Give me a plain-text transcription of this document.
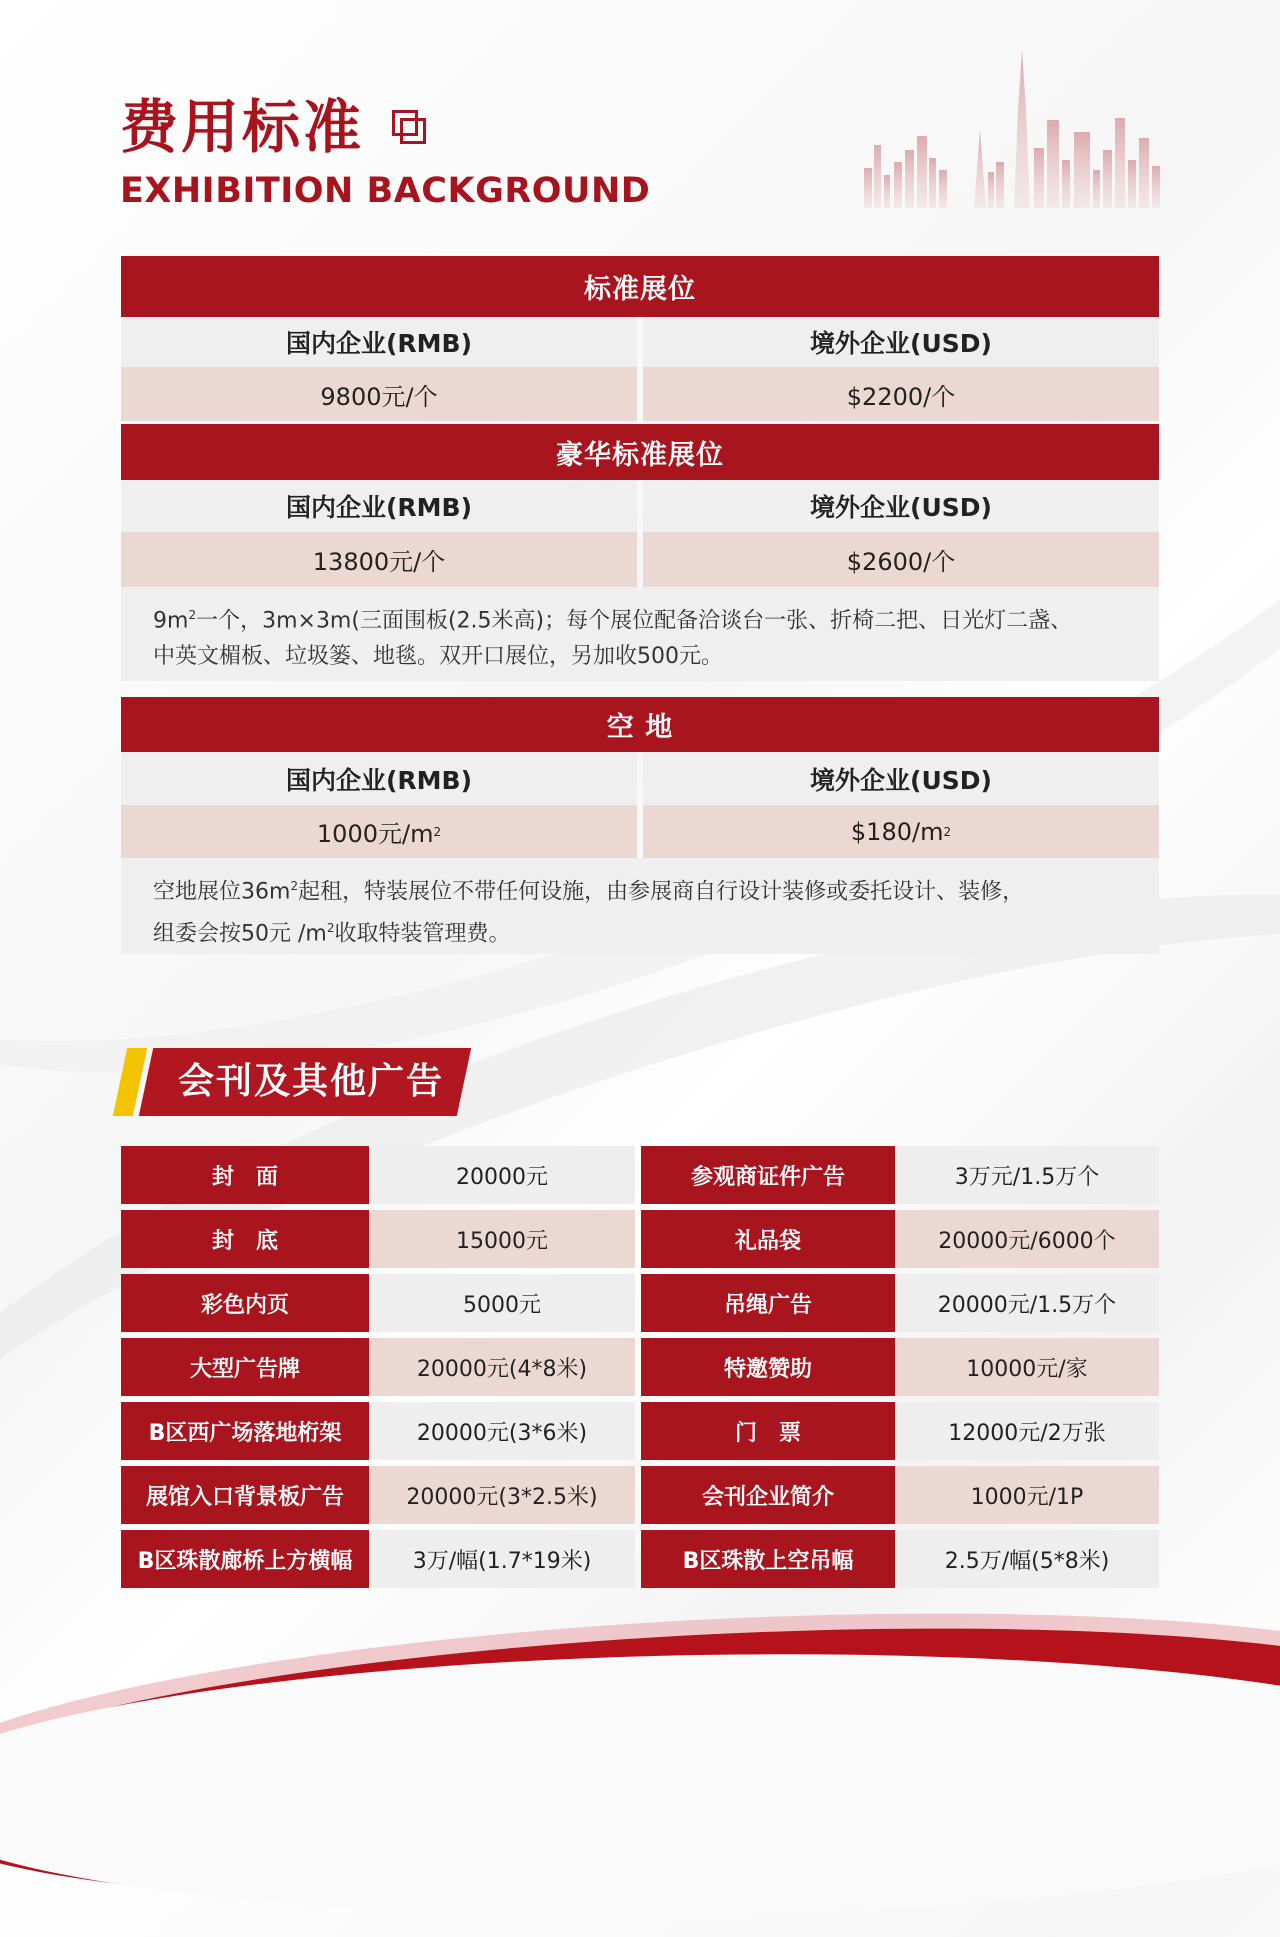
费用标准
EXHIBITION BACKGROUND
标准展位
国内企业(RMB)	境外企业(USD)
9800元/个	$2200/个
豪华标准展位
国内企业(RMB)	境外企业(USD)
13800元/个	$2600/个
$9m^2$一个，3m×3m(三面围板(2.5米高)；每个展位配备洽谈台一张、折椅二把、日光灯二盏、
中英文楣板、垃圾篓、地毯。双开口展位，另加收500元。
空 地
国内企业(RMB)	境外企业(USD)
1000元/m 2	$180/m 2
空地展位$36m^2$起租，特装展位不带任何设施，由参展商自行设计装修或委托设计、装修，
组委会按50元 $/m^2$收取特装管理费。
会刊及其他广告
封　面	20000元	参观商证件广告	3万元/1.5万个
封　底	15000元	礼品袋	20000元/6000个
彩色内页	5000元	吊绳广告	20000元/1.5万个
大型广告牌	20000元(4*8米)	特邀赞助	10000元/家
B区西广场落地桁架	20000元(3*6米)	门　票	12000元/2万张
展馆入口背景板广告	20000元(3*2.5米)	会刊企业简介	1000元/1P
B区珠散廊桥上方横幅	3万/幅(1.7*19米)	B区珠散上空吊幅	2.5万/幅(5*8米)
